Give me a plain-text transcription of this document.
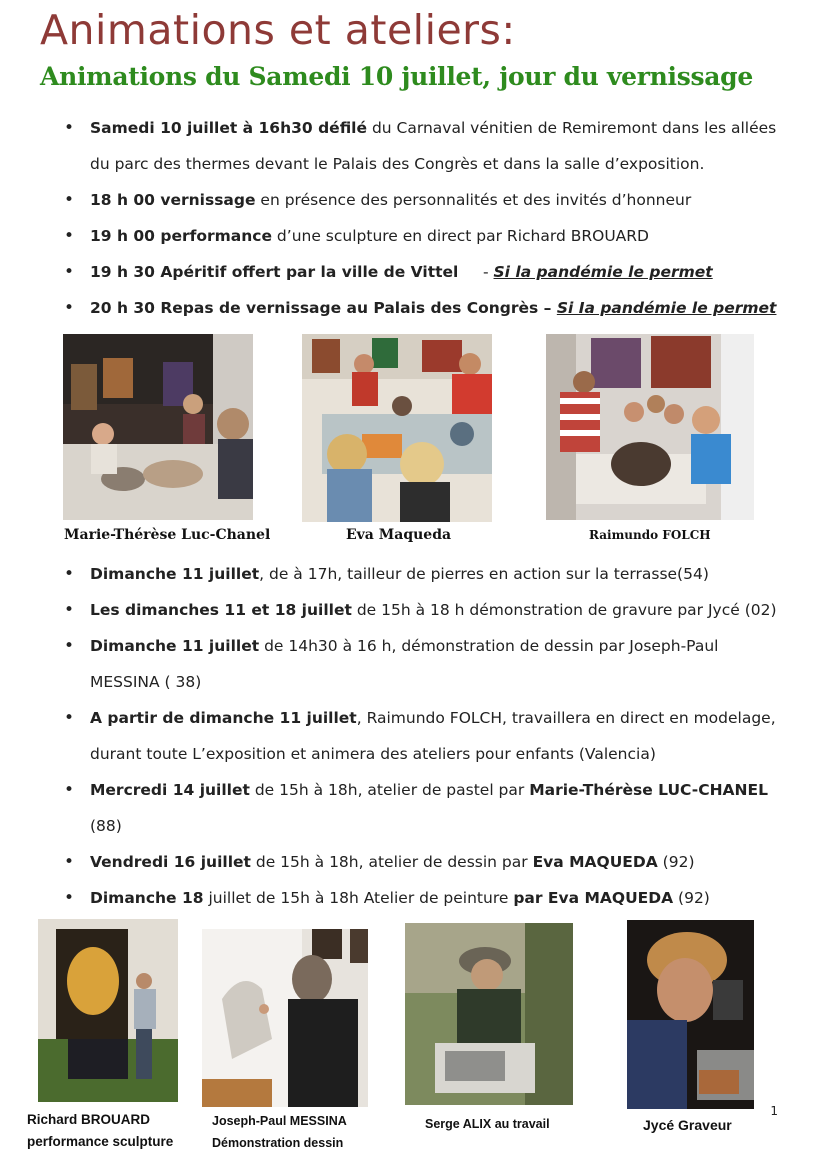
Animations et ateliers:
Animations du Samedi 10 juillet, jour du vernissage
• Samedi 10 juillet à 16h30 défilé du Carnaval vénitien de Remiremont dans les allées du parc des thermes devant le Palais des Congrès et dans la salle d’exposition.
• 18 h 00 vernissage en présence des personnalités et des invités d’honneur
• 19 h 00 performance d’une sculpture en direct par Richard BROUARD
• 19 h 30 Apéritif offert par la ville de Vittel     - Si la pandémie le permet
• 20 h 30 Repas de vernissage au Palais des Congrès – Si Ia pandémie le permet
Marie-Thérèse Luc-Chanel	Eva Maqueda	Raimundo FOLCH
• Dimanche 11 juillet, de à 17h, tailleur de pierres en action sur la terrasse(54)
• Les dimanches 11 et 18 juillet de 15h à 18 h démonstration de gravure par Jycé (02)
• Dimanche 11 juillet de 14h30 à 16 h, démonstration de dessin par Joseph-Paul MESSINA ( 38)
• A partir de dimanche 11 juillet, Raimundo FOLCH, travaillera en direct en modelage, durant toute L’exposition et animera des ateliers pour enfants (Valencia)
• Mercredi 14 juillet de 15h à 18h, atelier de pastel par Marie-Thérèse LUC-CHANEL (88)
• Vendredi 16 juillet de 15h à 18h, atelier de dessin par Eva MAQUEDA (92)
• Dimanche 18 juillet de 15h à 18h Atelier de peinture par Eva MAQUEDA (92)
Richard BROUARD
performance sculpture
Joseph-Paul MESSINA
Démonstration dessin
Serge ALIX au travail	Jycé Graveur
1
